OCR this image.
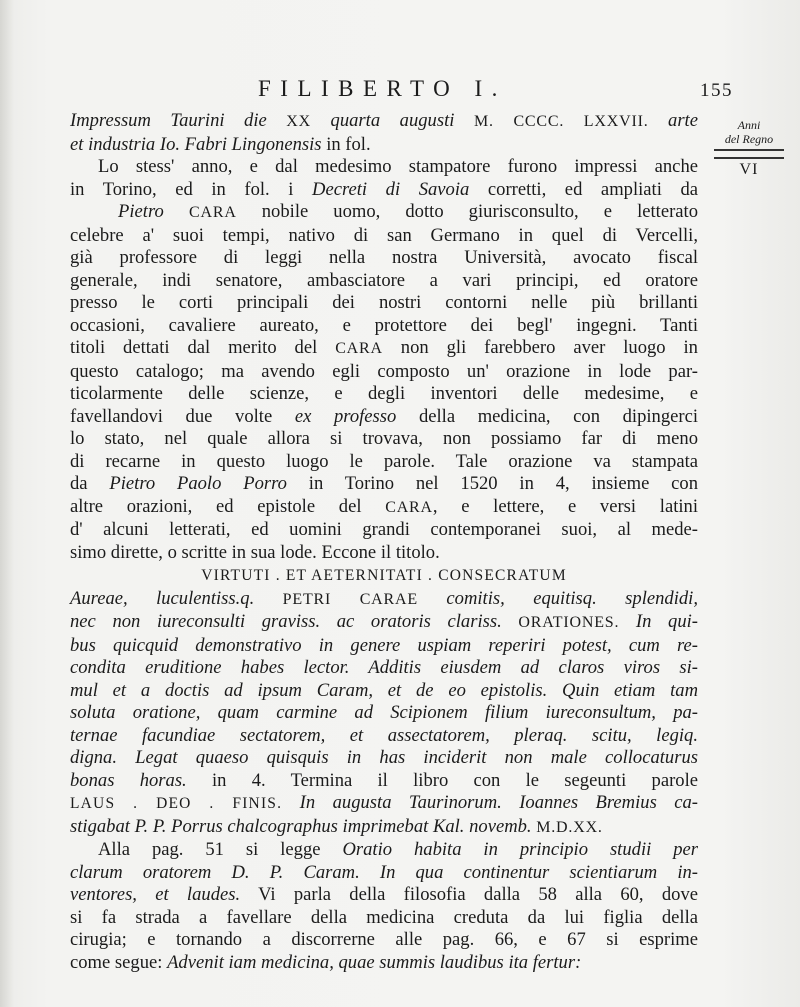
FILIBERTO I.	155
Anni
del Regno
VI
Impressum Taurini die XX quarta augusti M. CCCC. LXXVII. arte
et industria Io. Fabri Lingonensis in fol.
Lo stess' anno, e dal medesimo stampatore furono impressi anche
in Torino, ed in fol. i Decreti di Savoia corretti, ed ampliati da
Pietro CARA nobile uomo, dotto giurisconsulto, e letterato
celebre a' suoi tempi, nativo di san Germano in quel di Vercelli,
già professore di leggi nella nostra Università, avocato fiscal
generale, indi senatore, ambasciatore a vari principi, ed oratore
presso le corti principali dei nostri contorni nelle più brillanti
occasioni, cavaliere aureato, e protettore dei begl' ingegni. Tanti
titoli dettati dal merito del CARA non gli farebbero aver luogo in
questo catalogo; ma avendo egli composto un' orazione in lode par-
ticolarmente delle scienze, e degli inventori delle medesime, e
favellandovi due volte ex professo della medicina, con dipingerci
lo stato, nel quale allora si trovava, non possiamo far di meno
di recarne in questo luogo le parole. Tale orazione va stampata
da Pietro Paolo Porro in Torino nel 1520 in 4, insieme con
altre orazioni, ed epistole del CARA, e lettere, e versi latini
d' alcuni letterati, ed uomini grandi contemporanei suoi, al mede-
simo dirette, o scritte in sua lode. Eccone il titolo.
VIRTUTI . ET AETERNITATI . CONSECRATUM
Aureae, luculentiss.q. PETRI CARAE comitis, equitisq. splendidi,
nec non iureconsulti graviss. ac oratoris clariss. ORATIONES. In qui-
bus quicquid demonstrativo in genere uspiam reperiri potest, cum re-
condita eruditione habes lector. Additis eiusdem ad claros viros si-
mul et a doctis ad ipsum Caram, et de eo epistolis. Quin etiam tam
soluta oratione, quam carmine ad Scipionem filium iureconsultum, pa-
ternae facundiae sectatorem, et assectatorem, pleraq. scitu, legiq.
digna. Legat quaeso quisquis in has inciderit non male collocaturus
bonas horas. in 4. Termina il libro con le segeunti parole
LAUS . DEO . FINIS. In augusta Taurinorum. Ioannes Bremius ca-
stigabat P. P. Porrus chalcographus imprimebat Kal. novemb. M.D.XX.
Alla pag. 51 si legge Oratio habita in principio studii per
clarum oratorem D. P. Caram. In qua continentur scientiarum in-
ventores, et laudes. Vi parla della filosofia dalla 58 alla 60, dove
si fa strada a favellare della medicina creduta da lui figlia della
cirugia; e tornando a discorrerne alle pag. 66, e 67 si esprime
come segue: Advenit iam medicina, quae summis laudibus ita fertur:
